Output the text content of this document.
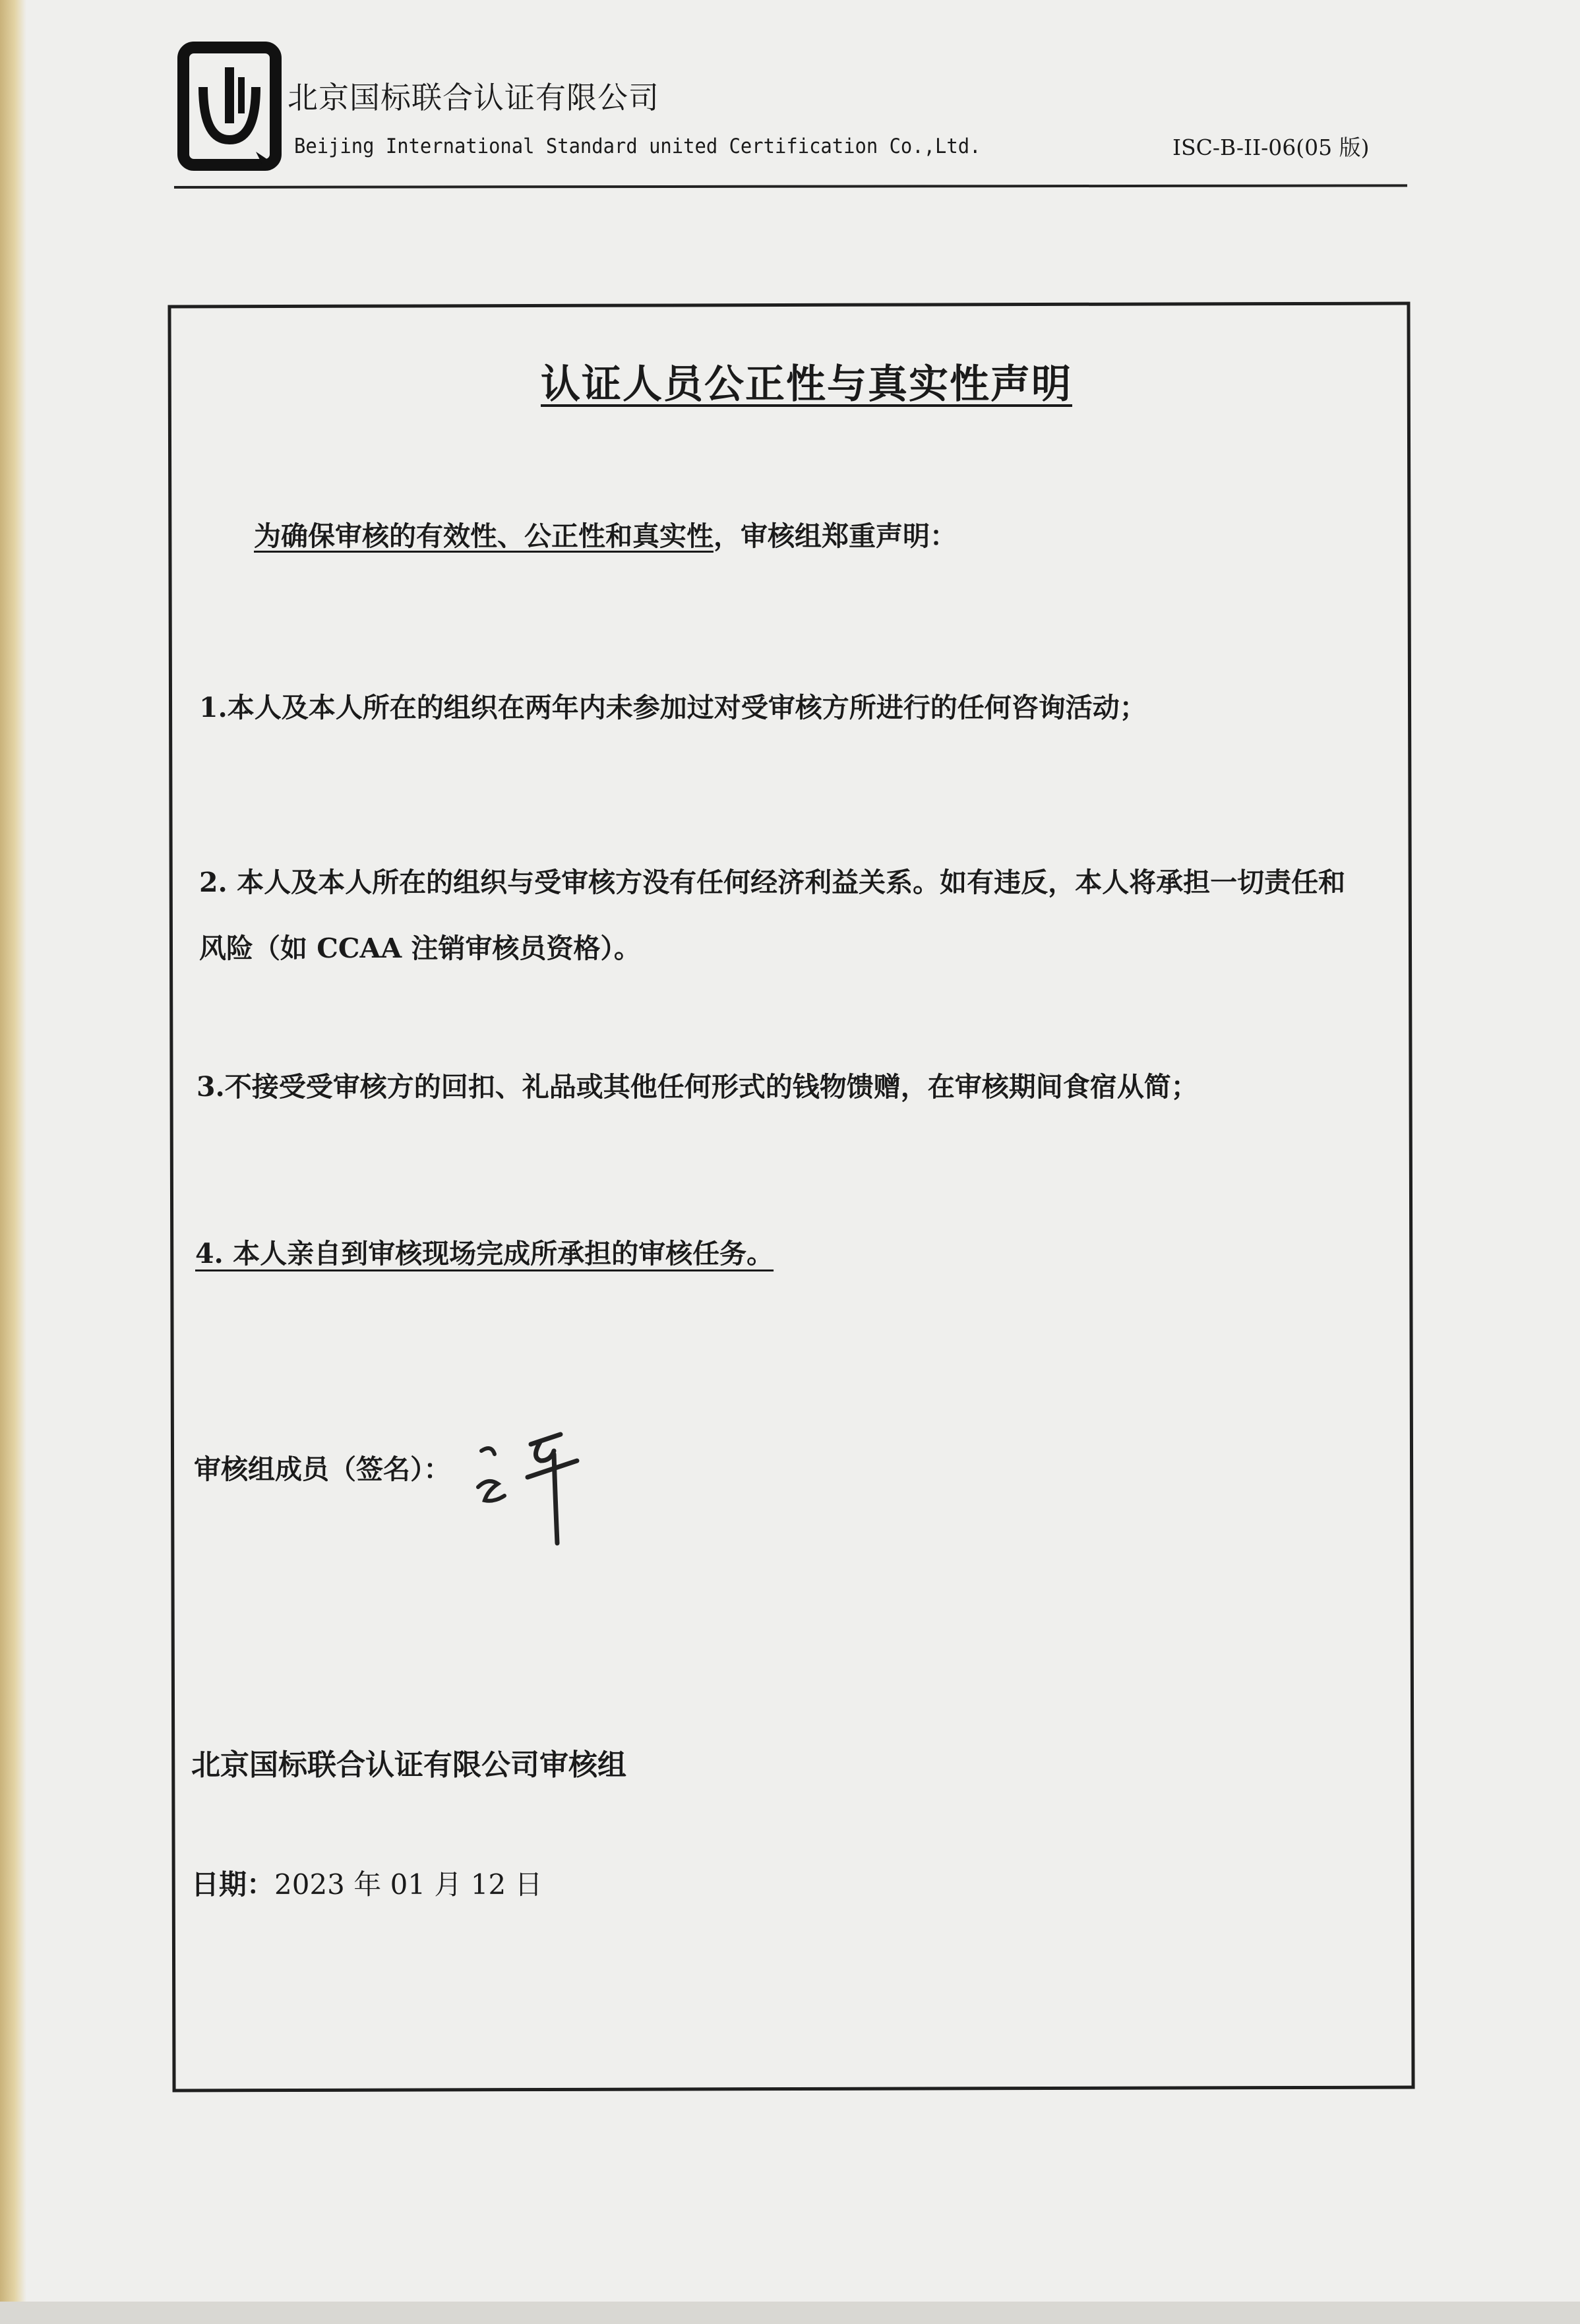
北京国标联合认证有限公司
Beijing International Standard united Certification Co.,Ltd.	ISC-B-II-06(05 版)
认证人员公正性与真实性声明
为确保审核的有效性、公正性和真实性，审核组郑重声明：
1.本人及本人所在的组织在两年内未参加过对受审核方所进行的任何咨询活动；
2. 本人及本人所在的组织与受审核方没有任何经济利益关系。如有违反，本人将承担一切责任和
风险（如 CCAA 注销审核员资格）。
3.不接受受审核方的回扣、礼品或其他任何形式的钱物馈赠，在审核期间食宿从简；
4. 本人亲自到审核现场完成所承担的审核任务。
审核组成员（签名）：
北京国标联合认证有限公司审核组
日期：2023 年 01 月 12 日
